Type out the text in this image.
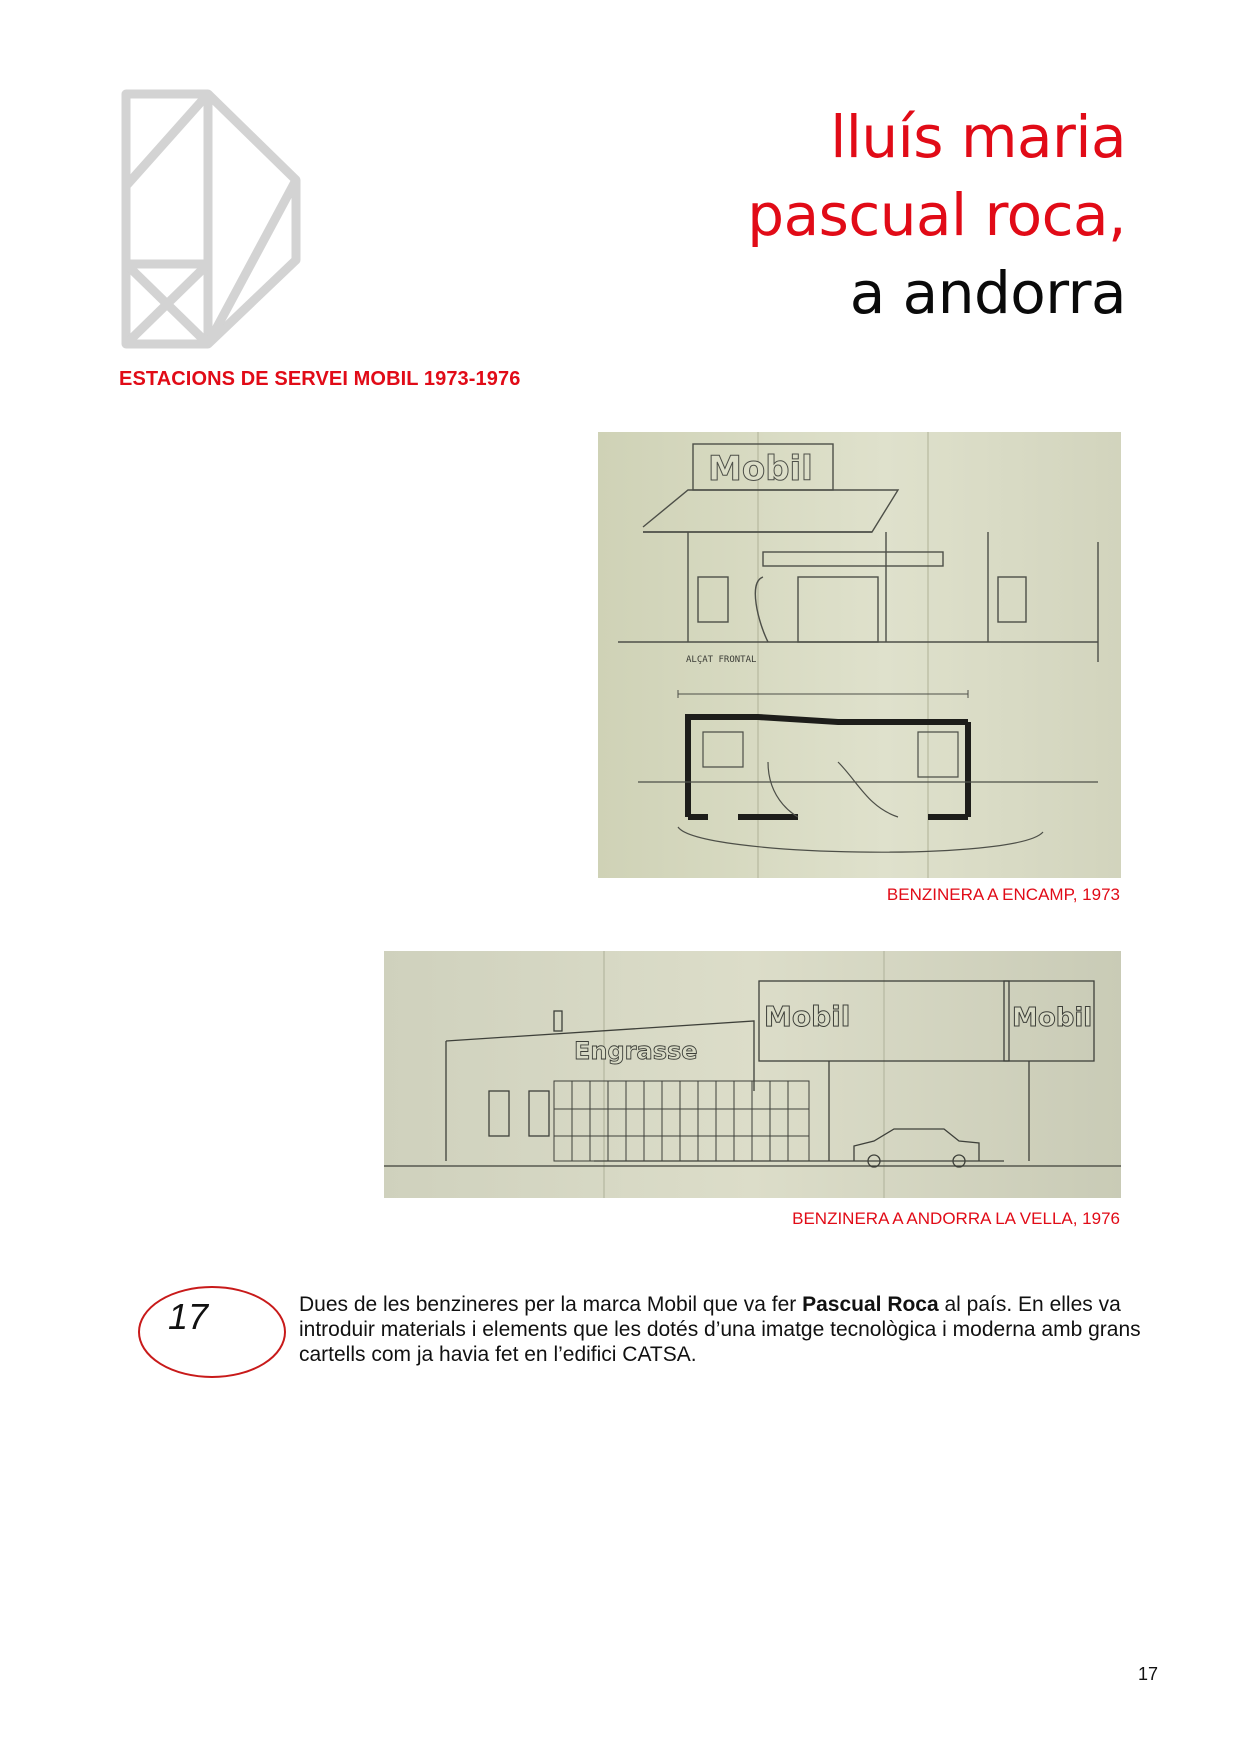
lluís maria
pascual roca,
a andorra
ESTACIONS DE SERVEI MOBIL 1973-1976
Mobil
ALÇAT FRONTAL
BENZINERA A ENCAMP, 1973
Mobil	Mobil
Engrasse
BENZINERA A ANDORRA LA VELLA, 1976
17	Dues de les benzineres per la marca Mobil que va fer Pascual Roca al país. En elles va introduir materials i elements que les dotés d’una imatge tecnològica i moderna amb grans cartells com ja havia fet en l’edifici CATSA.
17
